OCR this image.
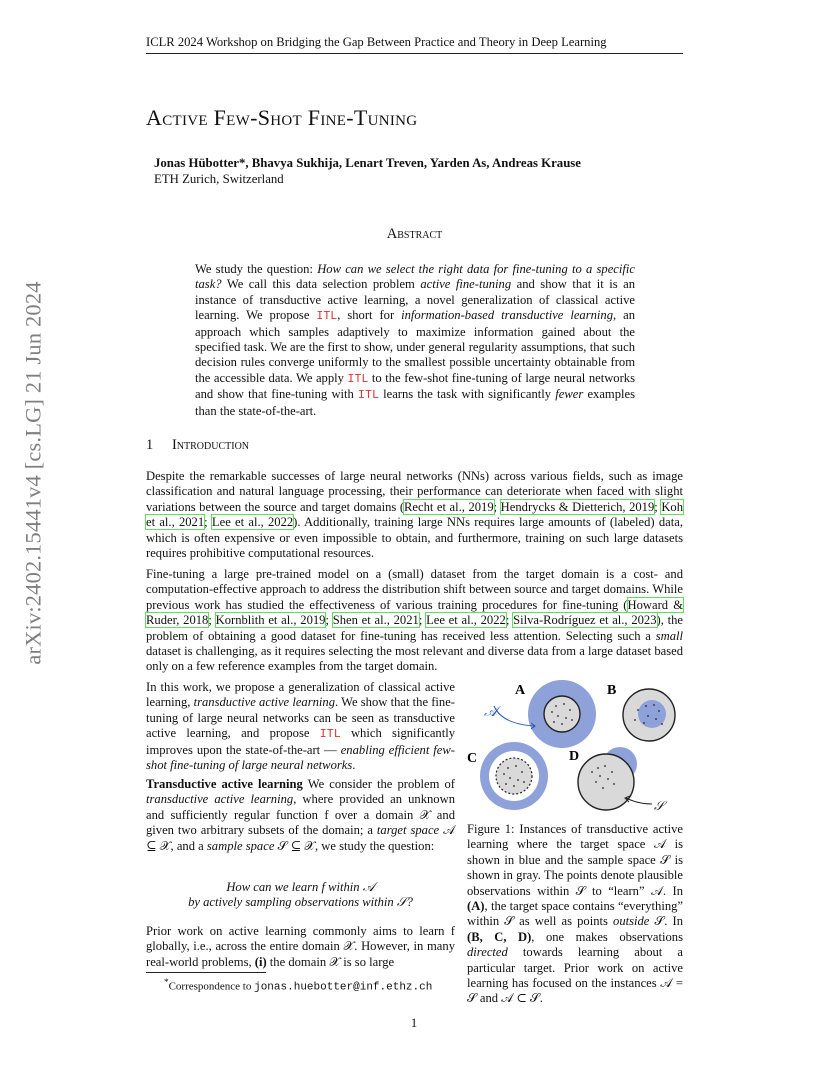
ICLR 2024 Workshop on Bridging the Gap Between Practice and Theory in Deep Learning
arXiv:2402.15441v4 [cs.LG] 21 Jun 2024
Active Few-Shot Fine-Tuning
Jonas Hübotter*, Bhavya Sukhija, Lenart Treven, Yarden As, Andreas Krause
ETH Zurich, Switzerland
Abstract
We study the question: How can we select the right data for fine-tuning to a specific task? We call this data selection problem active fine-tuning and show that it is an instance of transductive active learning, a novel generalization of classical active learning. We propose ITL, short for information-based transductive learning, an approach which samples adaptively to maximize information gained about the specified task. We are the first to show, under general regularity assumptions, that such decision rules converge uniformly to the smallest possible uncertainty obtainable from the accessible data. We apply ITL to the few-shot fine-tuning of large neural networks and show that fine-tuning with ITL learns the task with significantly fewer examples than the state-of-the-art.
1 Introduction
Despite the remarkable successes of large neural networks (NNs) across various fields, such as image classification and natural language processing, their performance can deteriorate when faced with slight variations between the source and target domains (Recht et al., 2019; Hendrycks & Dietterich, 2019; Koh et al., 2021; Lee et al., 2022). Additionally, training large NNs requires large amounts of (labeled) data, which is often expensive or even impossible to obtain, and furthermore, training on such large datasets requires prohibitive computational resources.
Fine-tuning a large pre-trained model on a (small) dataset from the target domain is a cost- and computation-effective approach to address the distribution shift between source and target domains. While previous work has studied the effectiveness of various training procedures for fine-tuning (Howard & Ruder, 2018; Kornblith et al., 2019; Shen et al., 2021; Lee et al., 2022; Silva-Rodríguez et al., 2023), the problem of obtaining a good dataset for fine-tuning has received less attention. Selecting such a small dataset is challenging, as it requires selecting the most relevant and diverse data from a large dataset based only on a few reference examples from the target domain.
In this work, we propose a generalization of classical active learning, transductive active learning. We show that the fine-tuning of large neural networks can be seen as transductive active learning, and propose ITL which significantly improves upon the state-of-the-art — enabling efficient few-shot fine-tuning of large neural networks.
Transductive active learning We consider the problem of transductive active learning, where provided an unknown and sufficiently regular function f over a domain 𝒳 and given two arbitrary subsets of the domain; a target space 𝒜 ⊆ 𝒳, and a sample space 𝒮 ⊆ 𝒳, we study the question:
How can we learn f within 𝒜
by actively sampling observations within 𝒮?
Prior work on active learning commonly aims to learn f globally, i.e., across the entire domain 𝒳. However, in many real-world problems, (i) the domain 𝒳 is so large
*Correspondence to jonas.huebotter@inf.ethz.ch
A	B
C	D
𝒜
𝒮
Figure 1: Instances of transductive active learning where the target space 𝒜 is shown in blue and the sample space 𝒮 is shown in gray. The points denote plausible observations within 𝒮 to “learn” 𝒜. In (A), the target space contains “everything” within 𝒮 as well as points outside 𝒮. In (B, C, D), one makes observations directed towards learning about a particular target. Prior work on active learning has focused on the instances 𝒜 = 𝒮 and 𝒜 ⊂ 𝒮.
1
